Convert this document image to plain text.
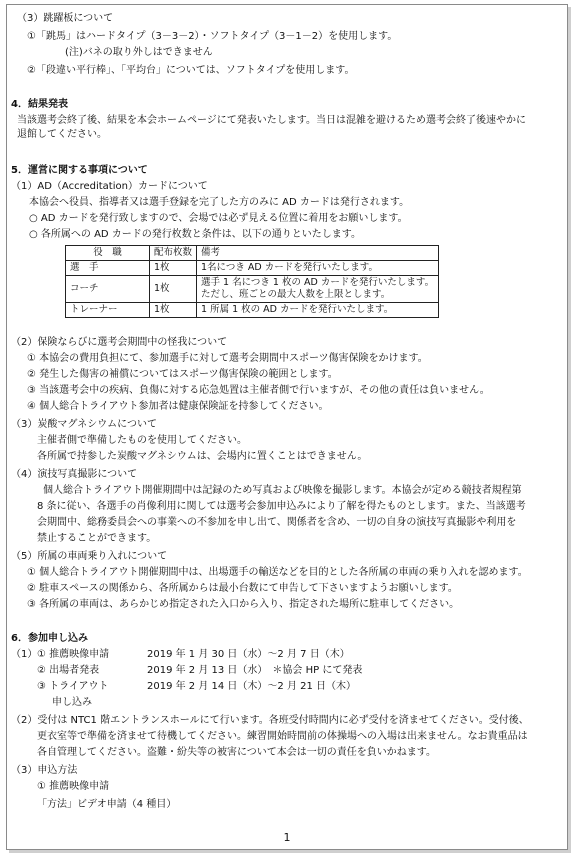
（3）跳躍板について
①「跳馬」はハードタイプ（3－3－2）・ソフトタイプ（3－1－2）を使用します。
(注)バネの取り外しはできません
②「段違い平行棒」、「平均台」については、ソフトタイプを使用します。
4．結果発表
当該選考会終了後、結果を本会ホームページにて発表いたします。当日は混雑を避けるため選考会終了後速やかに
退館してください。
5．運営に関する事項について
（1）AD（Accreditation）カードについて
本協会へ役員、指導者又は選手登録を完了した方のみに AD カードは発行されます。
○ AD カードを発行致しますので、会場では必ず見える位置に着用をお願いします。
○ 各所属への AD カードの発行枚数と条件は、以下の通りといたします。
役　職	配布枚数	備考
選　手	1枚	1名につき AD カードを発行いたします。
コーチ	1枚	選手 1 名につき 1 枚の AD カードを発行いたします。
ただし、班ごとの最大人数を上限とします。
トレーナー	1枚	1 所属 1 枚の AD カードを発行いたします。
（2）保険ならびに選考会期間中の怪我について
① 本協会の費用負担にて、参加選手に対して選考会期間中スポーツ傷害保険をかけます。
② 発生した傷害の補償についてはスポーツ傷害保険の範囲とします。
③ 当該選考会中の疾病、負傷に対する応急処置は主催者側で行いますが、その他の責任は負いません。
④ 個人総合トライアウト参加者は健康保険証を持参してください。
（3）炭酸マグネシウムについて
主催者側で準備したものを使用してください。
各所属で持参した炭酸マグネシウムは、会場内に置くことはできません。
（4）演技写真撮影について
個人総合トライアウト開催期間中は記録のため写真および映像を撮影します。本協会が定める競技者規程第
8 条に従い、各選手の肖像利用に関しては選考会参加申込みにより了解を得たものとします。また、当該選考
会期間中、総務委員会への事業への不参加を申し出て、関係者を含め、一切の自身の演技写真撮影や利用を
禁止することができます。
（5）所属の車両乗り入れについて
① 個人総合トライアウト開催期間中は、出場選手の輸送などを目的とした各所属の車両の乗り入れを認めます。
② 駐車スペースの関係から、各所属からは最小台数にて申告して下さいますようお願いします。
③ 各所属の車両は、あらかじめ指定された入口から入り、指定された場所に駐車してください。
6．参加申し込み
（1） ① 推薦映像申請	2019 年 1 月 30 日（水）～2 月 7 日（木）
② 出場者発表	2019 年 2 月 13 日（水）　＊協会 HP にて発表
③ トライアウト	2019 年 2 月 14 日（木）～2 月 21 日（木）
申し込み
（2）受付は NTC1 階エントランスホールにて行います。各班受付時間内に必ず受付を済ませてください。受付後、
更衣室等で準備を済ませて待機してください。練習開始時間前の体操場への入場は出来ません。なお貴重品は
各自管理してください。盗難・紛失等の被害について本会は一切の責任を負いかねます。
（3）申込方法
① 推薦映像申請
「方法」ビデオ申請（4 種目）
1
